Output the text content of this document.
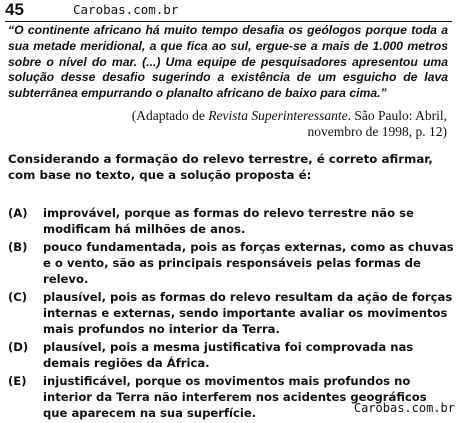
45	Carobas.com.br
“O continente africano há muito tempo desafia os geólogos porque toda a sua metade meridional, a que fica ao sul, ergue-se a mais de 1.000 metros sobre o nível do mar. (...) Uma equipe de pesquisadores apresentou uma solução desse desafio sugerindo a existência de um esguicho de lava subterrânea empurrando o planalto africano de baixo para cima.”
(Adaptado de Revista Superinteressante. São Paulo: Abril,
novembro de 1998, p. 12)
Considerando a formação do relevo terrestre, é correto afirmar, com base no texto, que a solução proposta é:
(A)	improvável, porque as formas do relevo terrestre não se modificam há milhões de anos.
(B)	pouco fundamentada, pois as forças externas, como as chuvas e o vento, são as principais responsáveis pelas formas de relevo.
(C)	plausível, pois as formas do relevo resultam da ação de forças internas e externas, sendo importante avaliar os movimentos mais profundos no interior da Terra.
(D)	plausível, pois a mesma justificativa foi comprovada nas demais regiões da África.
(E)	injustificável, porque os movimentos mais profundos no interior da Terra não interferem nos acidentes geográficos que aparecem na sua superfície.	Carobas.com.br
